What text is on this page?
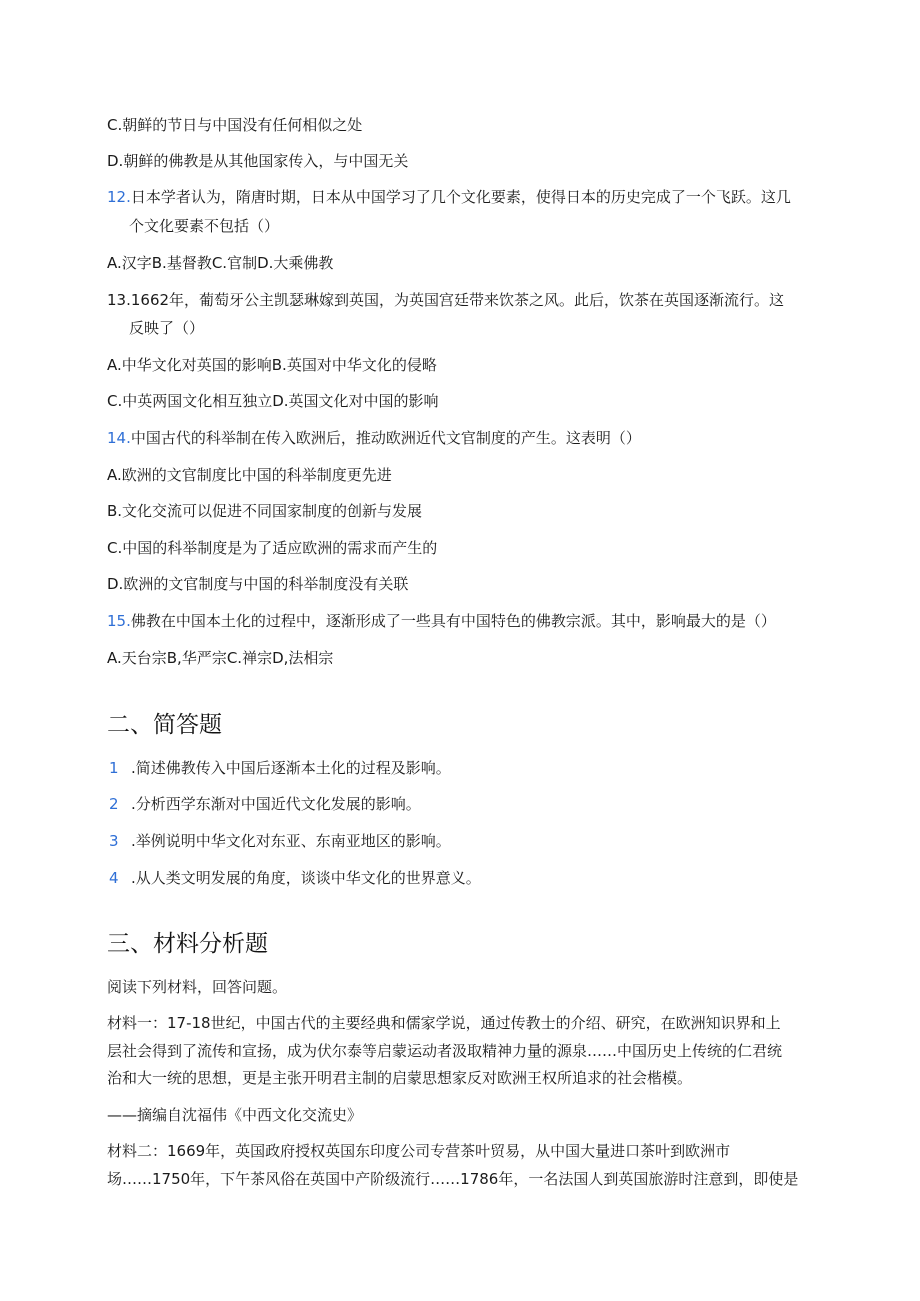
C.朝鲜的节日与中国没有任何相似之处
D.朝鲜的佛教是从其他国家传入，与中国无关
12.日本学者认为，隋唐时期，日本从中国学习了几个文化要素，使得日本的历史完成了一个飞跃。这几
个文化要素不包括（）
A.汉字B.基督教C.官制D.大乘佛教
13.1662年，葡萄牙公主凯瑟琳嫁到英国，为英国宫廷带来饮茶之风。此后，饮茶在英国逐渐流行。这
反映了（）
A.中华文化对英国的影响B.英国对中华文化的侵略
C.中英两国文化相互独立D.英国文化对中国的影响
14.中国古代的科举制在传入欧洲后，推动欧洲近代文官制度的产生。这表明（）
A.欧洲的文官制度比中国的科举制度更先进
B.文化交流可以促进不同国家制度的创新与发展
C.中国的科举制度是为了适应欧洲的需求而产生的
D.欧洲的文官制度与中国的科举制度没有关联
15.佛教在中国本土化的过程中，逐渐形成了一些具有中国特色的佛教宗派。其中，影响最大的是（）
A.天台宗B,华严宗C.禅宗D,法相宗
二、简答题
1 .简述佛教传入中国后逐渐本土化的过程及影响。
2 .分析西学东渐对中国近代文化发展的影响。
3 .举例说明中华文化对东亚、东南亚地区的影响。
4 .从人类文明发展的角度，谈谈中华文化的世界意义。
三、材料分析题
阅读下列材料，回答问题。
材料一：17-18世纪，中国古代的主要经典和儒家学说，通过传教士的介绍、研究，在欧洲知识界和上
层社会得到了流传和宣扬，成为伏尔泰等启蒙运动者汲取精神力量的源泉……中国历史上传统的仁君统
治和大一统的思想，更是主张开明君主制的启蒙思想家反对欧洲王权所追求的社会楷模。
——摘编自沈福伟《中西文化交流史》
材料二：1669年，英国政府授权英国东印度公司专营茶叶贸易，从中国大量进口茶叶到欧洲市
场……1750年，下午茶风俗在英国中产阶级流行……1786年，一名法国人到英国旅游时注意到，即使是
